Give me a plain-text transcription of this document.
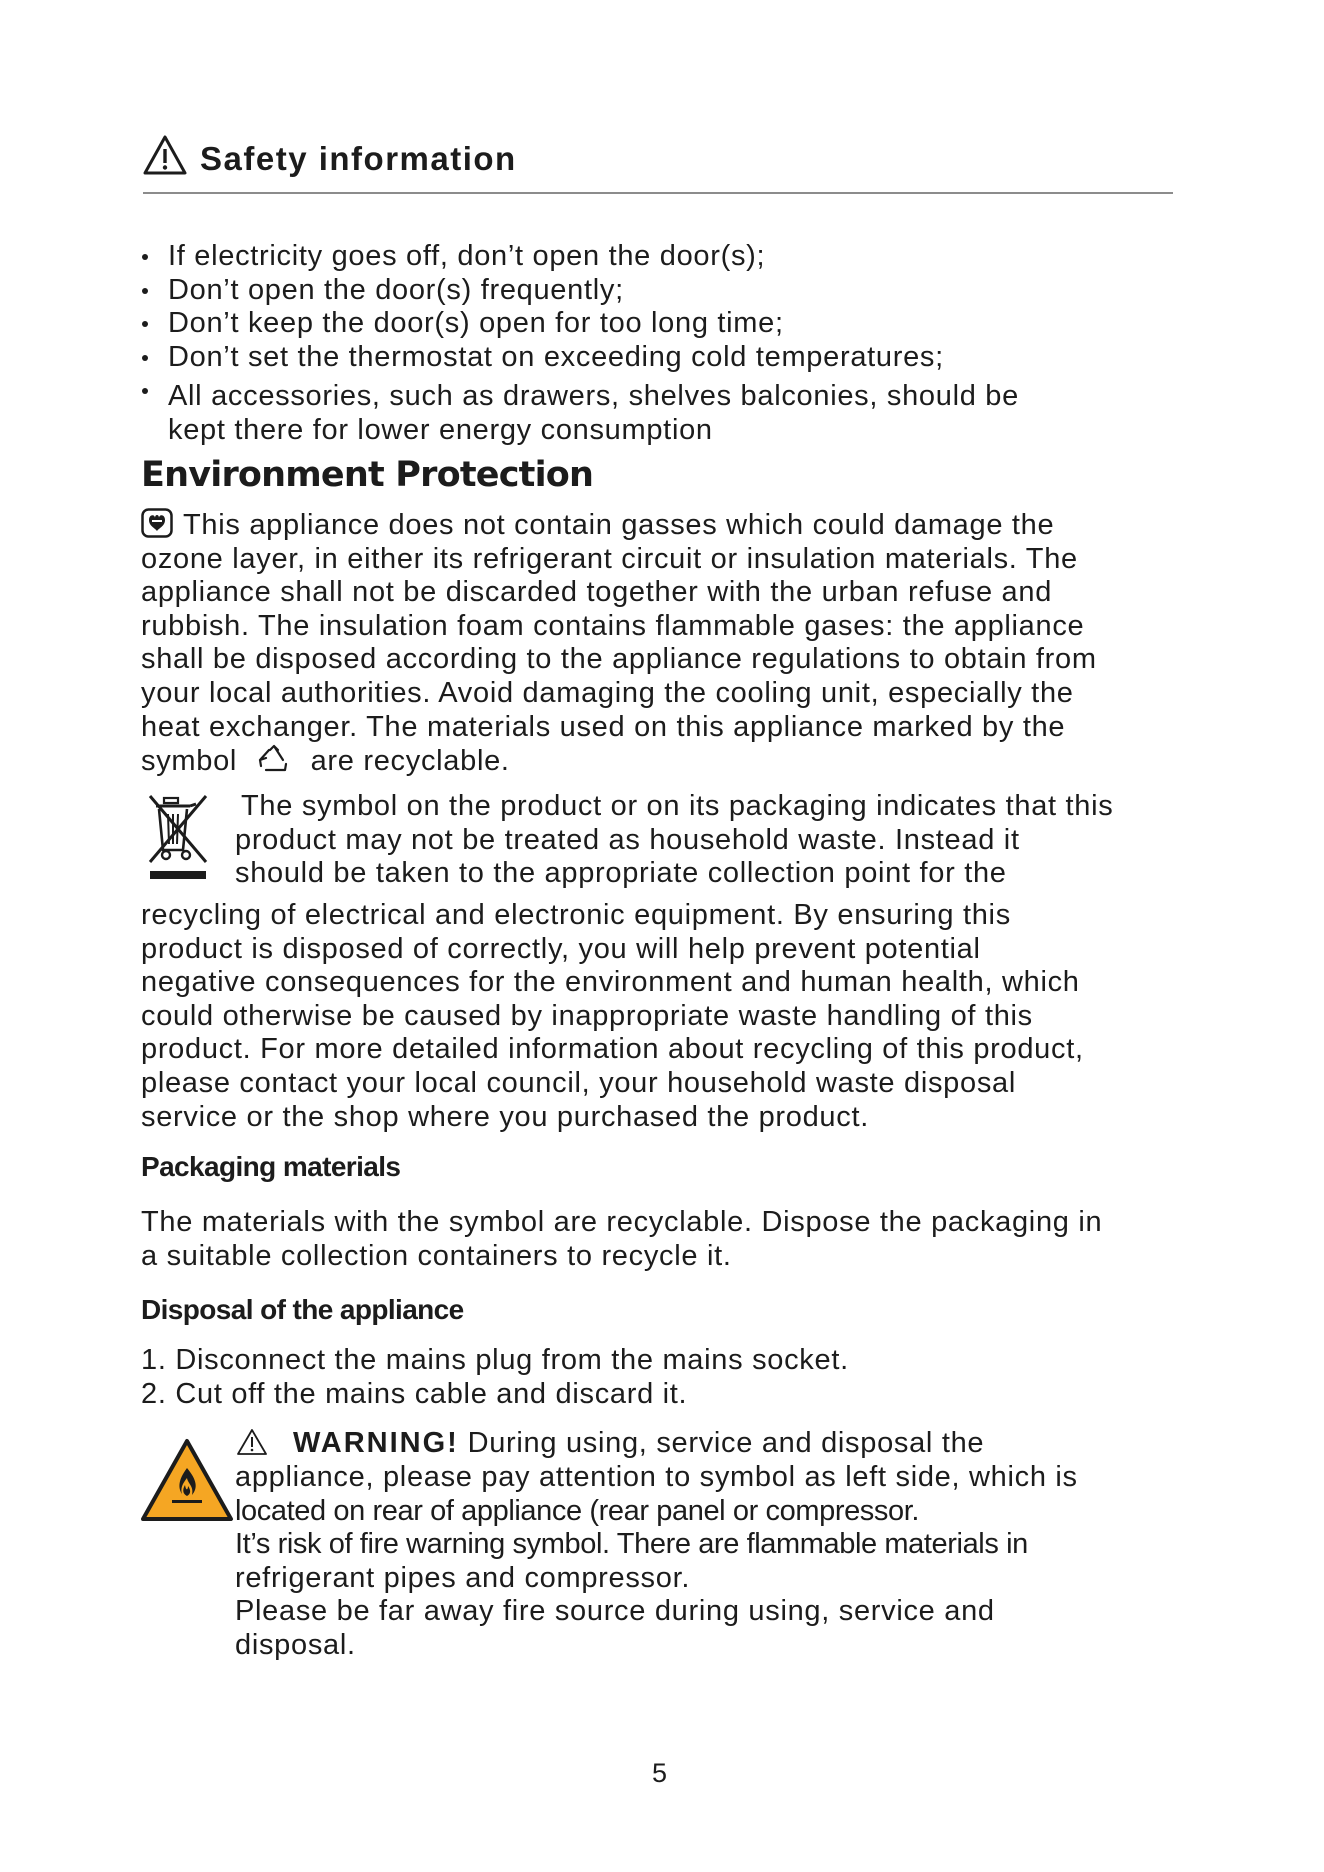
Safety information
If electricity goes off, don’t open the door(s);
Don’t open the door(s) frequently;
Don’t keep the door(s) open for too long time;
Don’t set the thermostat on exceeding cold temperatures;
All accessories, such as drawers, shelves balconies, should be
kept there for lower energy consumption
Environment Protection
This appliance does not contain gasses which could damage the
ozone layer, in either its refrigerant circuit or insulation materials. The
appliance shall not be discarded together with the urban refuse and
rubbish. The insulation foam contains flammable gases: the appliance
shall be disposed according to the appliance regulations to obtain from
your local authorities. Avoid damaging the cooling unit, especially the
heat exchanger. The materials used on this appliance marked by the
symbol	are recyclable.
The symbol on the product or on its packaging indicates that this
product may not be treated as household waste. Instead it
should be taken to the appropriate collection point for the
recycling of electrical and electronic equipment. By ensuring this
product is disposed of correctly, you will help prevent potential
negative consequences for the environment and human health, which
could otherwise be caused by inappropriate waste handling of this
product. For more detailed information about recycling of this product,
please contact your local council, your household waste disposal
service or the shop where you purchased the product.
Packaging materials
The materials with the symbol are recyclable. Dispose the packaging in
a suitable collection containers to recycle it.
Disposal of the appliance
1. Disconnect the mains plug from the mains socket.
2. Cut off the mains cable and discard it.
WARNING! During using, service and disposal the
appliance, please pay attention to symbol as left side, which is
located on rear of appliance (rear panel or compressor.
It’s risk of fire warning symbol. There are flammable materials in
refrigerant pipes and compressor.
Please be far away fire source during using, service and
disposal.
5
